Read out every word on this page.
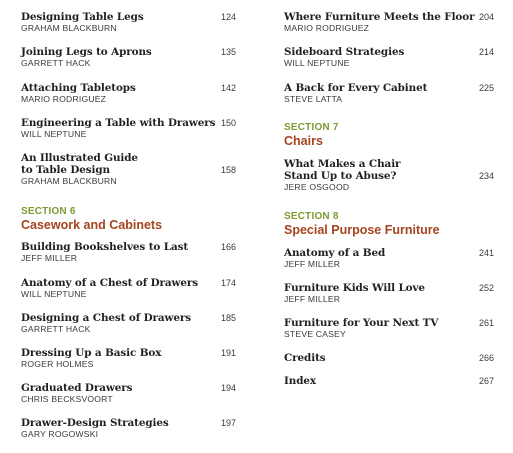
Designing Table Legs
GRAHAM BLACKBURN
124
Joining Legs to Aprons
GARRETT HACK
135
Attaching Tabletops
MARIO RODRIGUEZ
142
Engineering a Table with Drawers
WILL NEPTUNE
150
An Illustrated Guide
to Table Design
GRAHAM BLACKBURN
158
SECTION 6
Casework and Cabinets
Building Bookshelves to Last
JEFF MILLER
166
Anatomy of a Chest of Drawers
WILL NEPTUNE
174
Designing a Chest of Drawers
GARRETT HACK
185
Dressing Up a Basic Box
ROGER HOLMES
191
Graduated Drawers
CHRIS BECKSVOORT
194
Drawer-Design Strategies
GARY ROGOWSKI
197
Where Furniture Meets the Floor
MARIO RODRIGUEZ
204
Sideboard Strategies
WILL NEPTUNE
214
A Back for Every Cabinet
STEVE LATTA
225
SECTION 7
Chairs
What Makes a Chair
Stand Up to Abuse?
JERE OSGOOD
234
SECTION 8
Special Purpose Furniture
Anatomy of a Bed
JEFF MILLER
241
Furniture Kids Will Love
JEFF MILLER
252
Furniture for Your Next TV
STEVE CASEY
261
Credits	266
Index	267
